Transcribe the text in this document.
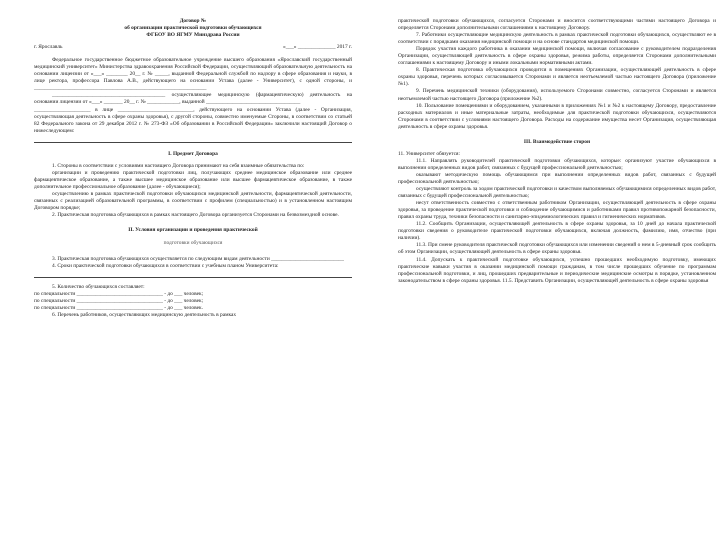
Договор №

об организации практической подготовки обучающихся

ФГБОУ ВО ЯГМУ Минздрава России

г. Ярославль	«___» ______________ 2017 г.

Федеральное государственное бюджетное образовательное учреждение высшего образования «Ярославский государственный медицинский университет» Министерства здравоохранения Российской Федерации, осуществляющий образовательную деятельность на основании лицензии от «___» ________ 20__ г. № _____, выданной Федеральной службой по надзору в сфере образования и науки, в лице ректора, профессора Павлова А.В., действующего на основании Устава (далее - Университет), с одной стороны, и ________________________________________________________________

__________________________________________ осуществляющее медицинскую (фармацевтическую) деятельность на основании лицензии от «___» _______ 20__ г. № ____________, выданной ___________________________________

_____________________ в лице ____________________________, действующего на основании Устава (далее - Организация, осуществляющая деятельность в сфере охраны здоровья), с другой стороны, совместно именуемые Стороны, в соответствии со статьей 82 Федерального закона от 29 декабря 2012 г. № 273-ФЗ «Об образовании в Российской Федерации» заключили настоящий Договор о нижеследующем:

I. Предмет Договора

1. Стороны в соответствии с условиями настоящего Договора принимают на себя взаимные обязательства по:

организации и проведению практической подготовки лиц, получающих среднее медицинское образование или среднее фармацевтическое образование, а также высшее медицинское образование или высшее фармацевтическое образование, в также дополнительное профессиональное образование (далее - обучающиеся);

осуществлению в рамках практической подготовки обучающихся медицинской деятельности, фармацевтической деятельности, связанных с реализацией образовательной программы, в соответствии с профилем (специальностью) и в установленном настоящим Договором порядке;

2. Практическая подготовка обучающихся в рамках настоящего Договора организуется Сторонами на безвозмездной основе.

II. Условия организации и проведения практической

подготовки обучающихся

3. Практическая подготовка обучающихся осуществляется по следующим видам деятельности ___________________________

4. Сроки практической подготовки обучающихся в соответствии с учебным планом Университета:

5. Количество обучающихся составляет:

по специальности ________________________________ - до ___ человек;

по специальности ________________________________ - до ___ человек;

по специальности ________________________________ - до ___ человек.

6. Перечень работников, осуществляющих медицинскую деятельность в рамках

практической подготовки обучающихся, согласуется Сторонами и вносится соответствующими частями настоящего Договора и определяется Сторонами дополнительными соглашениями к настоящему Договору.

7. Работники осуществляющие медицинскую деятельность в рамках практической подготовки обучающихся, осуществляют ее в соответствии с порядками оказания медицинской помощи и на основе стандартов медицинской помощи.

Порядок участия каждого работника в оказании медицинской помощи, включая согласование с руководителем подразделения Организации, осуществляющей деятельность в сфере охраны здоровья, режима работы, определяется Сторонами дополнительными соглашениями к настоящему Договору и иными локальными нормативными актами.

8. Практическая подготовка обучающихся проводится в помещениях Организации, осуществляющей деятельность в сфере охраны здоровья, перечень которых согласовывается Сторонами и является неотъемлемой частью настоящего Договора (приложение №1).

9. Перечень медицинской техники (оборудования), используемого Сторонами совместно, согласуется Сторонами и является неотъемлемой частью настоящего Договора (приложение №2).

10. Пользование помещениями и оборудованием, указанными в приложениях №1 и №2 к настоящему Договору, предоставление расходных материалов и иные материальные затраты, необходимые для практической подготовки обучающихся, осуществляются Сторонами в соответствии с условиями настоящего Договора. Расходы на содержание имущества несет Организация, осуществляющая деятельность в сфере охраны здоровья.

III. Взаимодействие сторон

11. Университет обязуется:

11.1. Направлять руководителей практической подготовки обучающихся, которые: организуют участие обучающихся в выполнении определенных видов работ, связанных с будущей профессиональной деятельностью;

оказывают методическую помощь обучающимся при выполнении определенных видов работ, связанных с будущей профессиональной деятельностью;

осуществляют контроль за ходом практической подготовки и качеством выполняемых обучающимися определенных видов работ, связанных с будущей профессиональной деятельностью;

несут ответственность совместно с ответственным работником Организации, осуществляющей деятельность в сфере охраны здоровья, за проведение практической подготовки и соблюдение обучающимися и работниками правил противопожарной безопасности, правил охраны труда, техники безопасности и санитарно-эпидемиологических правил и гигиенических нормативов.

11.2. Сообщить Организации, осуществляющей деятельность в сфере охраны здоровья, за 10 дней до начала практической подготовки сведения о руководителе практической подготовки обучающихся, включая должность, фамилию, имя, отчество (при наличии).

11.3. При смене руководителя практической подготовки обучающихся или изменении сведений о нем в 5-дневный срок сообщить об этом Организации, осуществляющей деятельность в сфере охраны здоровья.

11.4. Допускать к практической подготовке обучающихся, успешно прошедших необходимую подготовку, имеющих практические навыки участия в оказании медицинской помощи гражданам, в том числе прошедших обучение по программам профессиональной подготовки, и лиц, прошедших предварительные и периодические медицинские осмотры в порядке, установленном законодательством в сфере охраны здоровья. 11.5. Представить Организации, осуществляющей деятельность в сфере охраны здоровья
